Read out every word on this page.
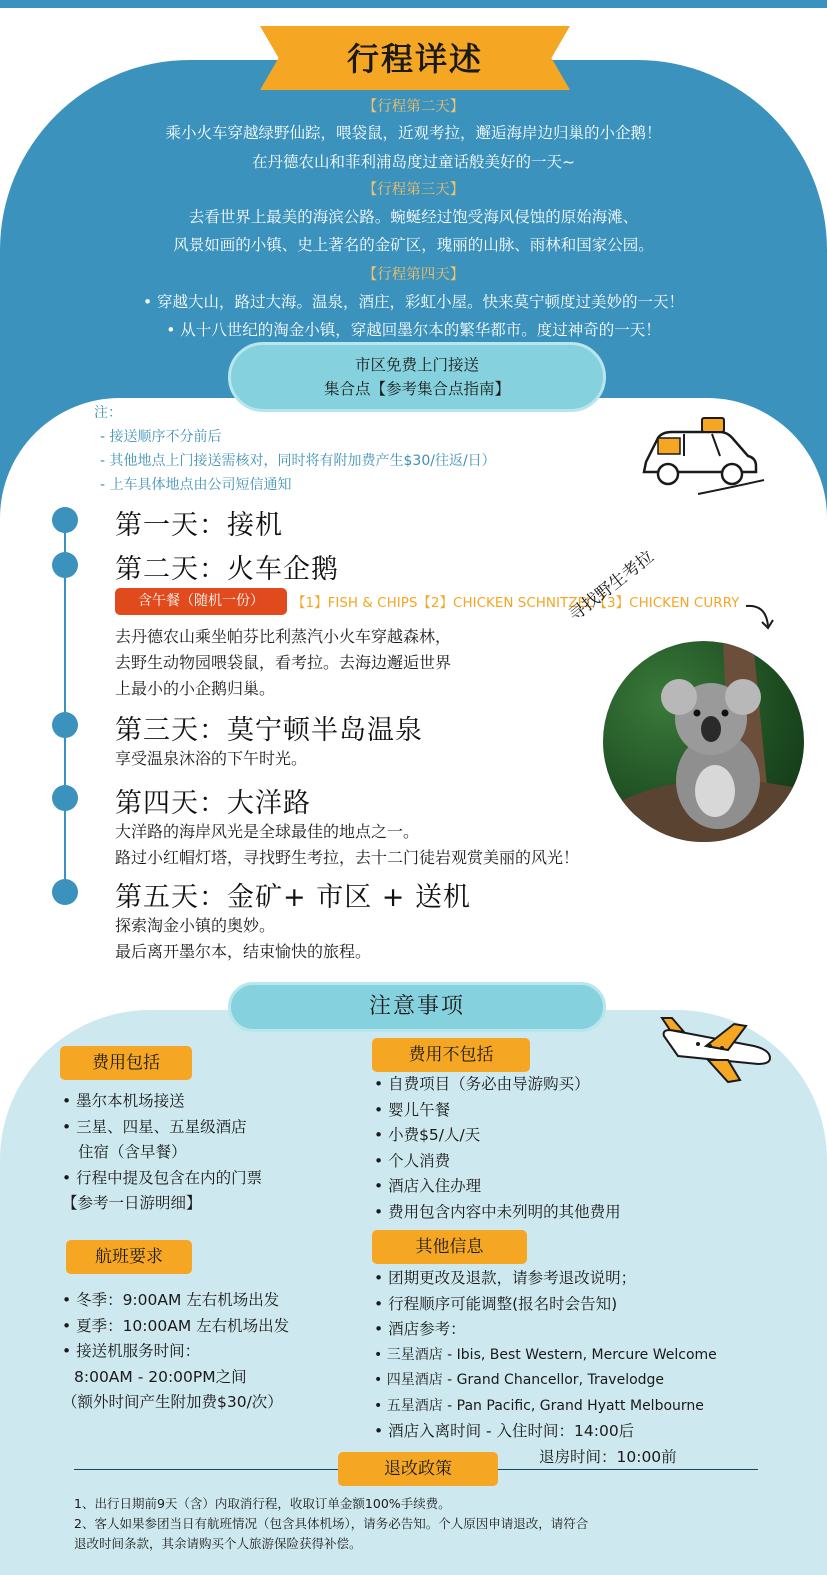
行程详述
【行程第二天】
乘小火车穿越绿野仙踪，喂袋鼠，近观考拉，邂逅海岸边归巢的小企鹅！
在丹德农山和菲利浦岛度过童话般美好的一天~
【行程第三天】
去看世界上最美的海滨公路。蜿蜒经过饱受海风侵蚀的原始海滩、
风景如画的小镇、史上著名的金矿区，瑰丽的山脉、雨林和国家公园。
【行程第四天】
• 穿越大山，路过大海。温泉，酒庄，彩虹小屋。快来莫宁顿度过美妙的一天！
• 从十八世纪的淘金小镇，穿越回墨尔本的繁华都市。度过神奇的一天！
市区免费上门接送
集合点【参考集合点指南】
注：
- 接送顺序不分前后
- 其他地点上门接送需核对，同时将有附加费产生$30/往返/日）
- 上车具体地点由公司短信通知
第一天：接机
第二天：火车企鹅
含午餐（随机一份）	【1】FISH & CHIPS【2】CHICKEN SCHNITZEL【3】CHICKEN CURRY
去丹德农山乘坐帕芬比利蒸汽小火车穿越森林，
去野生动物园喂袋鼠，看考拉。去海边邂逅世界
上最小的小企鹅归巢。
第三天：莫宁顿半岛温泉
享受温泉沐浴的下午时光。
第四天：大洋路
大洋路的海岸风光是全球最佳的地点之一。
路过小红帽灯塔，寻找野生考拉，去十二门徒岩观赏美丽的风光！
第五天：金矿+ 市区 + 送机
探索淘金小镇的奥妙。
最后离开墨尔本，结束愉快的旅程。
寻找野生考拉
注意事项
费用包括
• 墨尔本机场接送
• 三星、四星、五星级酒店
住宿（含早餐）
• 行程中提及包含在内的门票
【参考一日游明细】
航班要求
• 冬季：9:00AM 左右机场出发
• 夏季：10:00AM 左右机场出发
• 接送机服务时间：
8:00AM - 20:00PM之间
（额外时间产生附加费$30/次）
费用不包括
• 自费项目（务必由导游购买）
• 婴儿午餐
• 小费$5/人/天
• 个人消费
• 酒店入住办理
• 费用包含内容中未列明的其他费用
其他信息
• 团期更改及退款，请参考退改说明；
• 行程顺序可能调整(报名时会告知)
• 酒店参考：
• 三星酒店 - Ibis, Best Western, Mercure Welcome
• 四星酒店 - Grand Chancellor, Travelodge
• 五星酒店 - Pan Pacific, Grand Hyatt Melbourne
• 酒店入离时间 - 入住时间：14:00后
退房时间：10:00前
退改政策
1、出行日期前9天（含）内取消行程，收取订单金额100%手续费。
2、客人如果参团当日有航班情况（包含具体机场），请务必告知。个人原因申请退改，请符合
退改时间条款，其余请购买个人旅游保险获得补偿。
